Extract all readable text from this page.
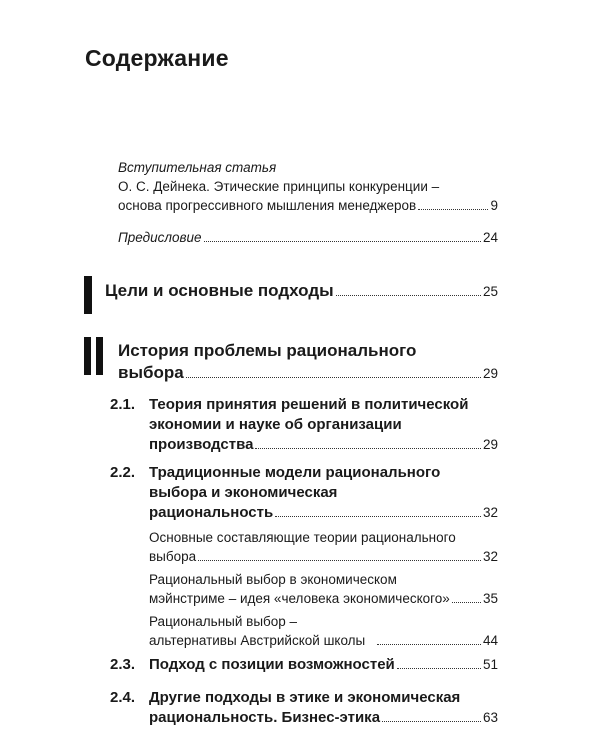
Содержание
Вступительная статья
О. С. Дейнека. Этические принципы конкуренции –
основа прогрессивного мышления менеджеров	9
Предисловие	24
Цели и основные подходы	25
История проблемы рационального
выбора	29
2.1. Теория принятия решений в политической
экономии и науке об организации
производства	29
2.2. Традиционные модели рационального
выбора и экономическая
рациональность	32
Основные составляющие теории рационального
выбора	32
Рациональный выбор в экономическом
мэйнстриме – идея «человека экономического» 35
Рациональный выбор –
альтернативы Австрийской школы	44
2.3. Подход с позиции возможностей	51
2.4. Другие подходы в этике и экономическая
рациональность. Бизнес-этика	63
